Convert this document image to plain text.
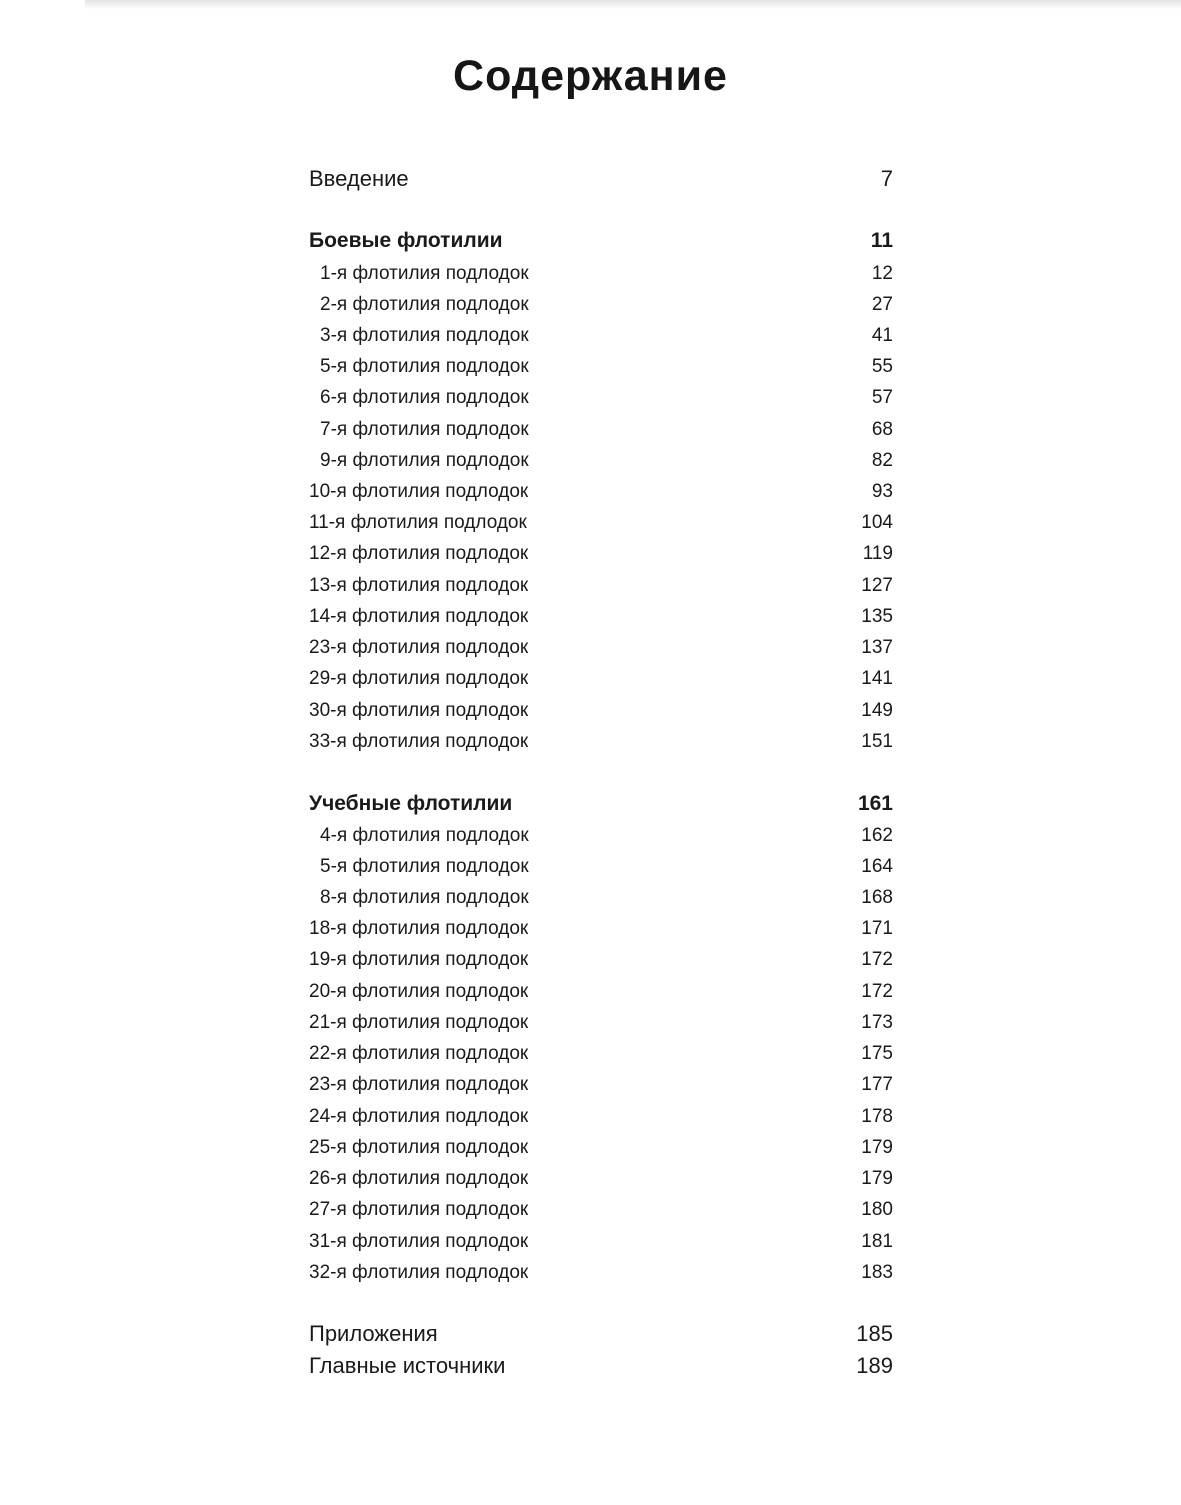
Содержание
Введение	7
Боевые флотилии	11
1-я флотилия подлодок	12
2-я флотилия подлодок	27
3-я флотилия подлодок	41
5-я флотилия подлодок	55
6-я флотилия подлодок	57
7-я флотилия подлодок	68
9-я флотилия подлодок	82
10-я флотилия подлодок	93
11-я флотилия подлодок	104
12-я флотилия подлодок	119
13-я флотилия подлодок	127
14-я флотилия подлодок	135
23-я флотилия подлодок	137
29-я флотилия подлодок	141
30-я флотилия подлодок	149
33-я флотилия подлодок	151
Учебные флотилии	161
4-я флотилия подлодок	162
5-я флотилия подлодок	164
8-я флотилия подлодок	168
18-я флотилия подлодок	171
19-я флотилия подлодок	172
20-я флотилия подлодок	172
21-я флотилия подлодок	173
22-я флотилия подлодок	175
23-я флотилия подлодок	177
24-я флотилия подлодок	178
25-я флотилия подлодок	179
26-я флотилия подлодок	179
27-я флотилия подлодок	180
31-я флотилия подлодок	181
32-я флотилия подлодок	183
Приложения	185
Главные источники	189
